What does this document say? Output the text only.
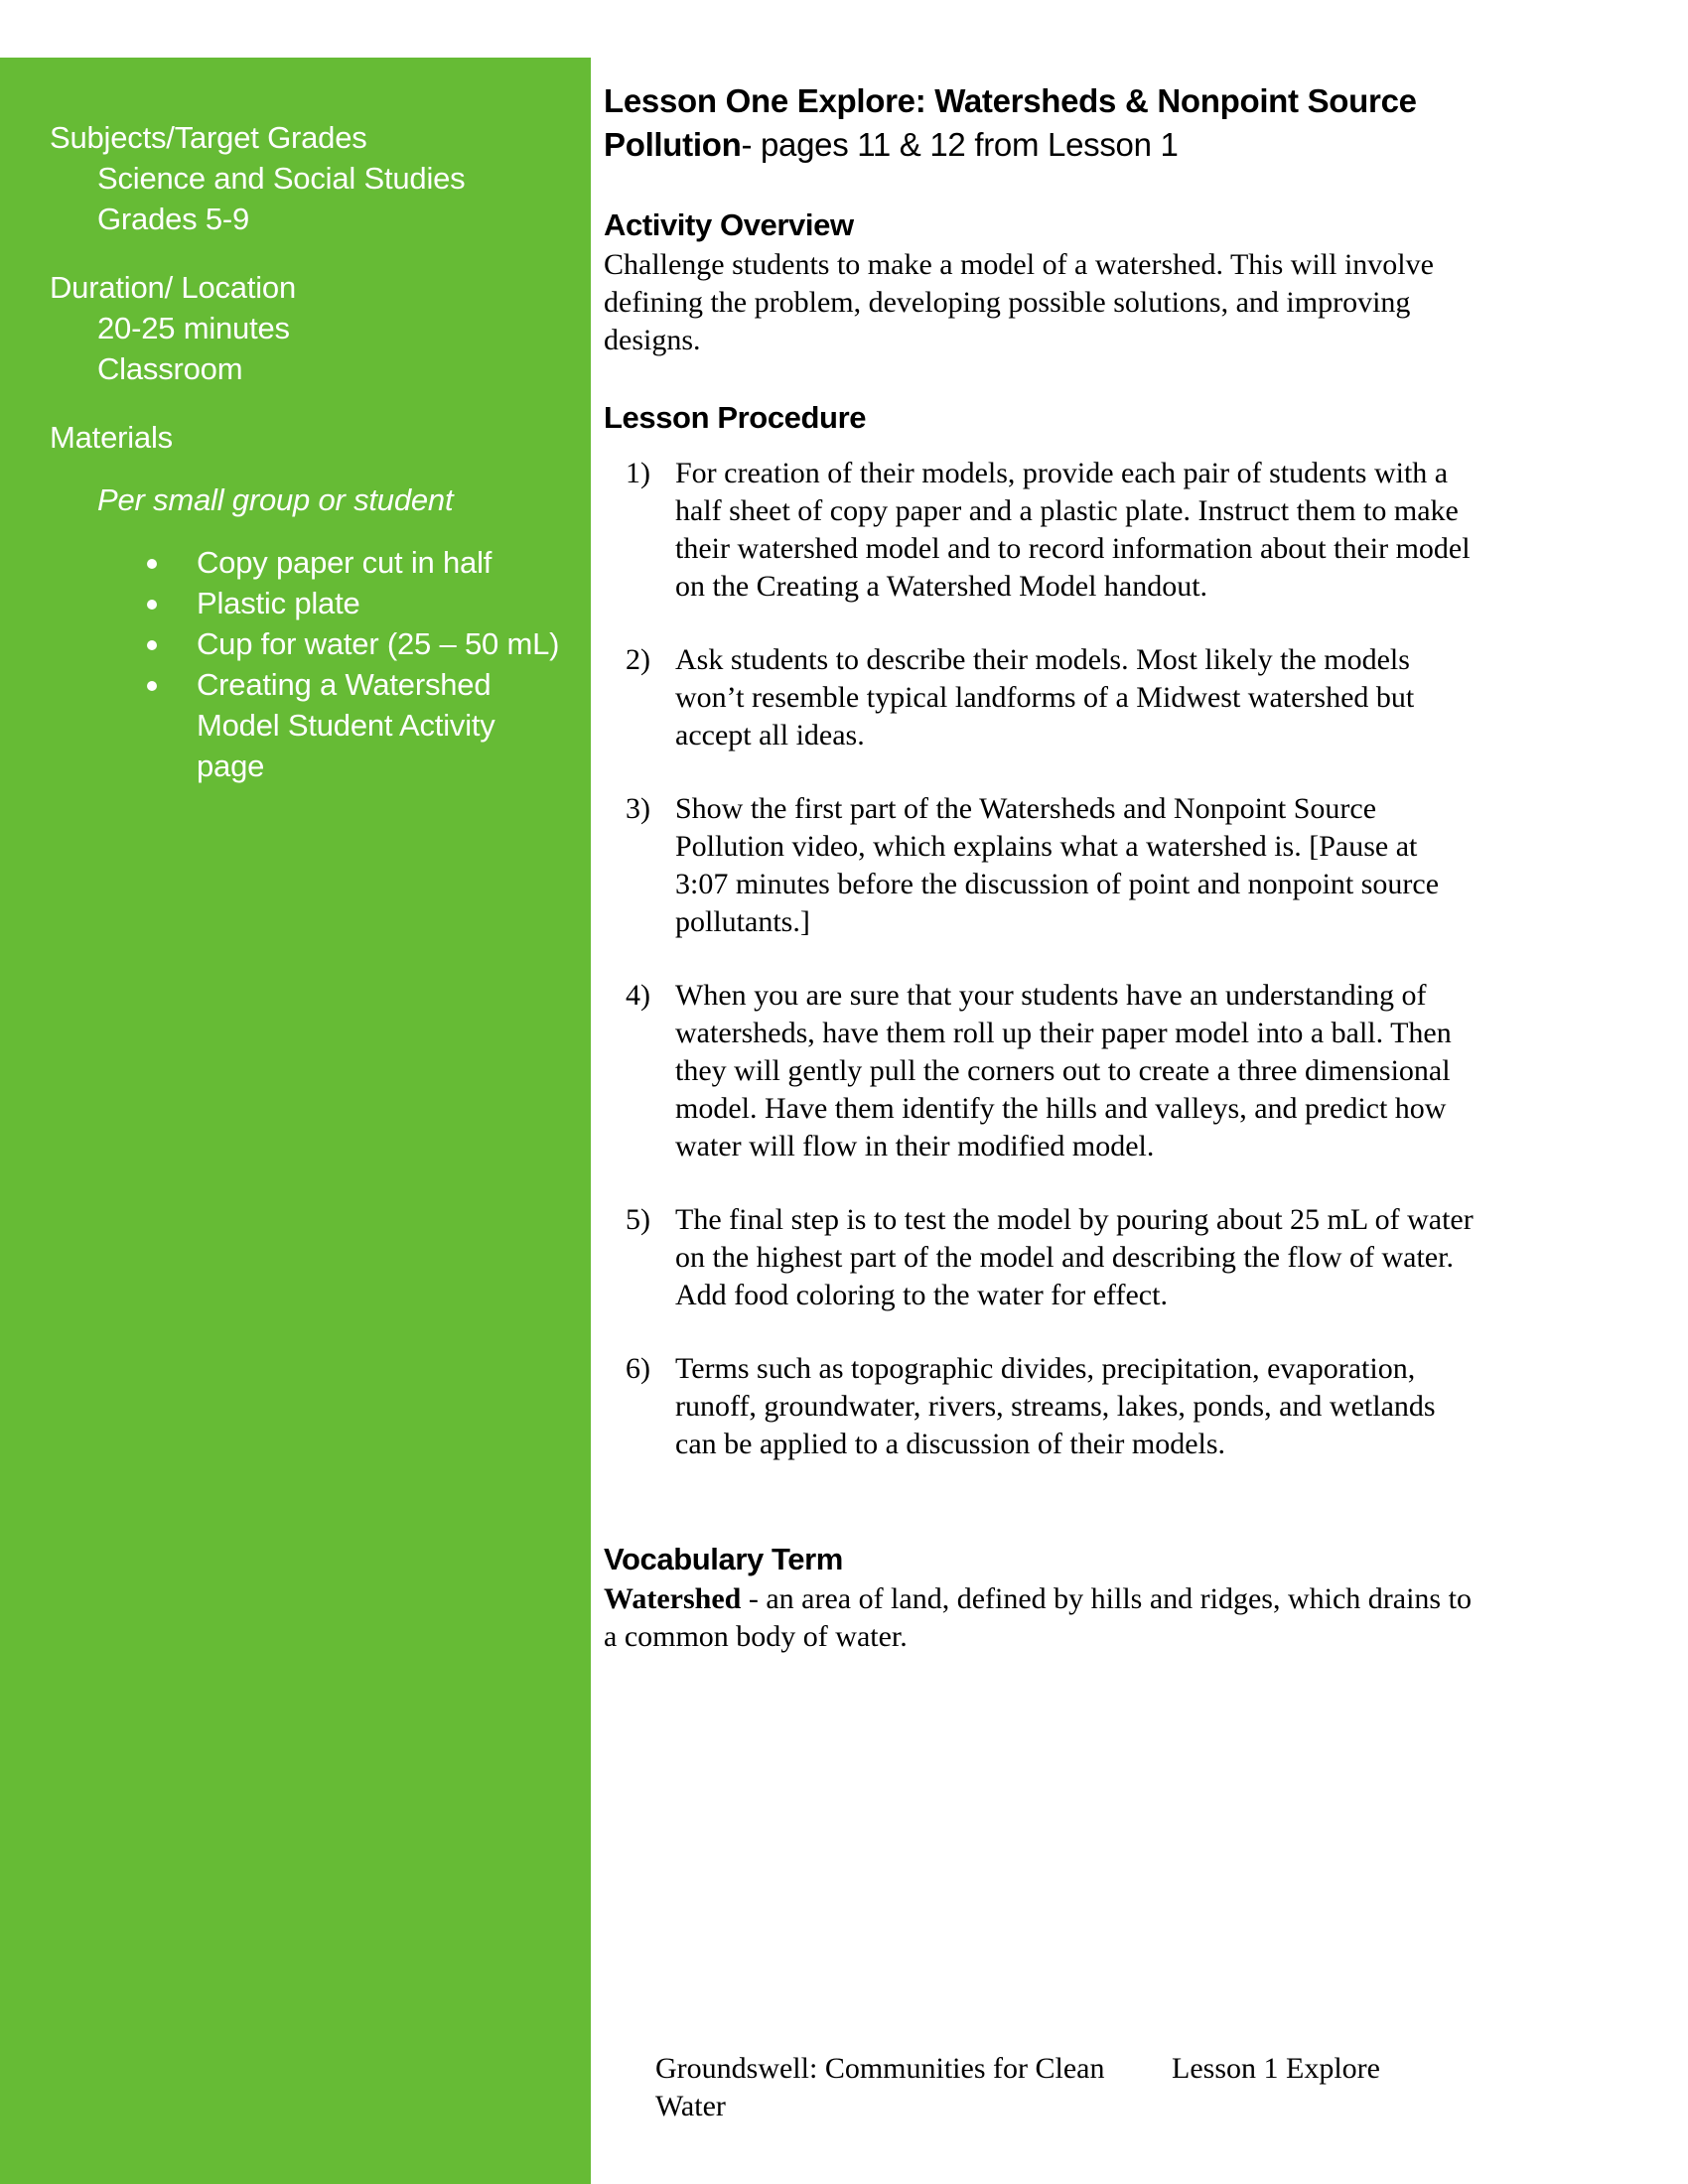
Subjects/Target Grades
Science and Social Studies
Grades 5-9
Duration/ Location
20-25 minutes
Classroom
Materials
Per small group or student
Copy paper cut in half
Plastic plate
Cup for water (25 – 50 mL)
Creating a Watershed Model Student Activity page
Lesson One Explore: Watersheds & Nonpoint Source Pollution- pages 11 & 12 from Lesson 1
Activity Overview

Challenge students to make a model of a watershed. This will involve defining the problem, developing possible solutions, and improving designs.

Lesson Procedure
1) For creation of their models, provide each pair of students with a half sheet of copy paper and a plastic plate. Instruct them to make their watershed model and to record information about their model on the Creating a Watershed Model handout.
2) Ask students to describe their models. Most likely the models won’t resemble typical landforms of a Midwest watershed but accept all ideas.
3) Show the first part of the Watersheds and Nonpoint Source Pollution video, which explains what a watershed is. [Pause at 3:07 minutes before the discussion of point and nonpoint source pollutants.]
4) When you are sure that your students have an understanding of watersheds, have them roll up their paper model into a ball. Then they will gently pull the corners out to create a three dimensional model. Have them identify the hills and valleys, and predict how water will flow in their modified model.
5) The final step is to test the model by pouring about 25 mL of water on the highest part of the model and describing the flow of water. Add food coloring to the water for effect.
6) Terms such as topographic divides, precipitation, evaporation, runoff, groundwater, rivers, streams, lakes, ponds, and wetlands can be applied to a discussion of their models.
Vocabulary Term

Watershed - an area of land, defined by hills and ridges, which drains to a common body of water.

Groundswell: Communities for Clean Water
Lesson 1 Explore
